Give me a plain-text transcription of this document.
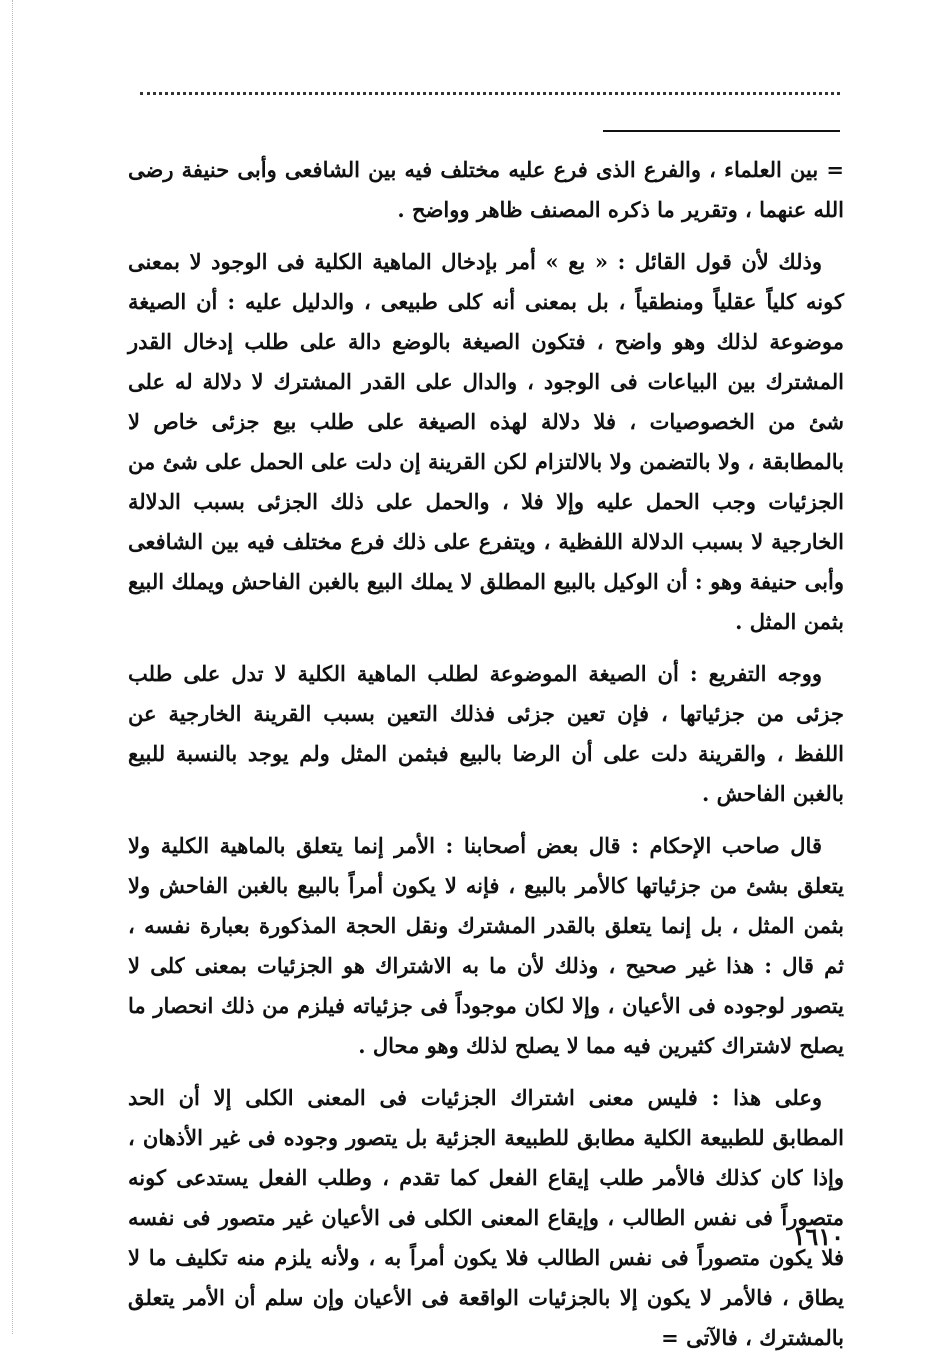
= بين العلماء ، والفرع الذى فرع عليه مختلف فيه بين الشافعى وأبى حنيفة رضى الله عنهما ، وتقرير ما ذكره المصنف ظاهر وواضح .

وذلك لأن قول القائل : « بع » أمر بإدخال الماهية الكلية فى الوجود لا بمعنى كونه كلياً عقلياً ومنطقياً ، بل بمعنى أنه كلى طبيعى ، والدليل عليه : أن الصيغة موضوعة لذلك وهو واضح ، فتكون الصيغة بالوضع دالة على طلب إدخال القدر المشترك بين البياعات فى الوجود ، والدال على القدر المشترك لا دلالة له على شئ من الخصوصيات ، فلا دلالة لهذه الصيغة على طلب بيع جزئى خاص لا بالمطابقة ، ولا بالتضمن ولا بالالتزام لكن القرينة إن دلت على الحمل على شئ من الجزئيات وجب الحمل عليه وإلا فلا ، والحمل على ذلك الجزئى بسبب الدلالة الخارجية لا بسبب الدلالة اللفظية ، ويتفرع على ذلك فرع مختلف فيه بين الشافعى وأبى حنيفة وهو : أن الوكيل بالبيع المطلق لا يملك البيع بالغبن الفاحش ويملك البيع بثمن المثل .

ووجه التفريع : أن الصيغة الموضوعة لطلب الماهية الكلية لا تدل على طلب جزئى من جزئياتها ، فإن تعين جزئى فذلك التعين بسبب القرينة الخارجية عن اللفظ ، والقرينة دلت على أن الرضا بالبيع فبثمن المثل ولم يوجد بالنسبة للبيع بالغبن الفاحش .

قال صاحب الإحكام : قال بعض أصحابنا : الأمر إنما يتعلق بالماهية الكلية ولا يتعلق بشئ من جزئياتها كالأمر بالبيع ، فإنه لا يكون أمراً بالبيع بالغبن الفاحش ولا بثمن المثل ، بل إنما يتعلق بالقدر المشترك ونقل الحجة المذكورة بعبارة نفسه ، ثم قال : هذا غير صحيح ، وذلك لأن ما به الاشتراك هو الجزئيات بمعنى كلى لا يتصور لوجوده فى الأعيان ، وإلا لكان موجوداً فى جزئياته فيلزم من ذلك انحصار ما يصلح لاشتراك كثيرين فيه مما لا يصلح لذلك وهو محال .

وعلى هذا : فليس معنى اشتراك الجزئيات فى المعنى الكلى إلا أن الحد المطابق للطبيعة الكلية مطابق للطبيعة الجزئية بل يتصور وجوده فى غير الأذهان ، وإذا كان كذلك فالأمر طلب إيقاع الفعل كما تقدم ، وطلب الفعل يستدعى كونه متصوراً فى نفس الطالب ، وإيقاع المعنى الكلى فى الأعيان غير متصور فى نفسه فلا يكون متصوراً فى نفس الطالب فلا يكون أمراً به ، ولأنه يلزم منه تكليف ما لا يطاق ، فالأمر لا يكون إلا بالجزئيات الواقعة فى الأعيان وإن سلم أن الأمر يتعلق بالمشترك ، فالآتى =

١٦١٠
